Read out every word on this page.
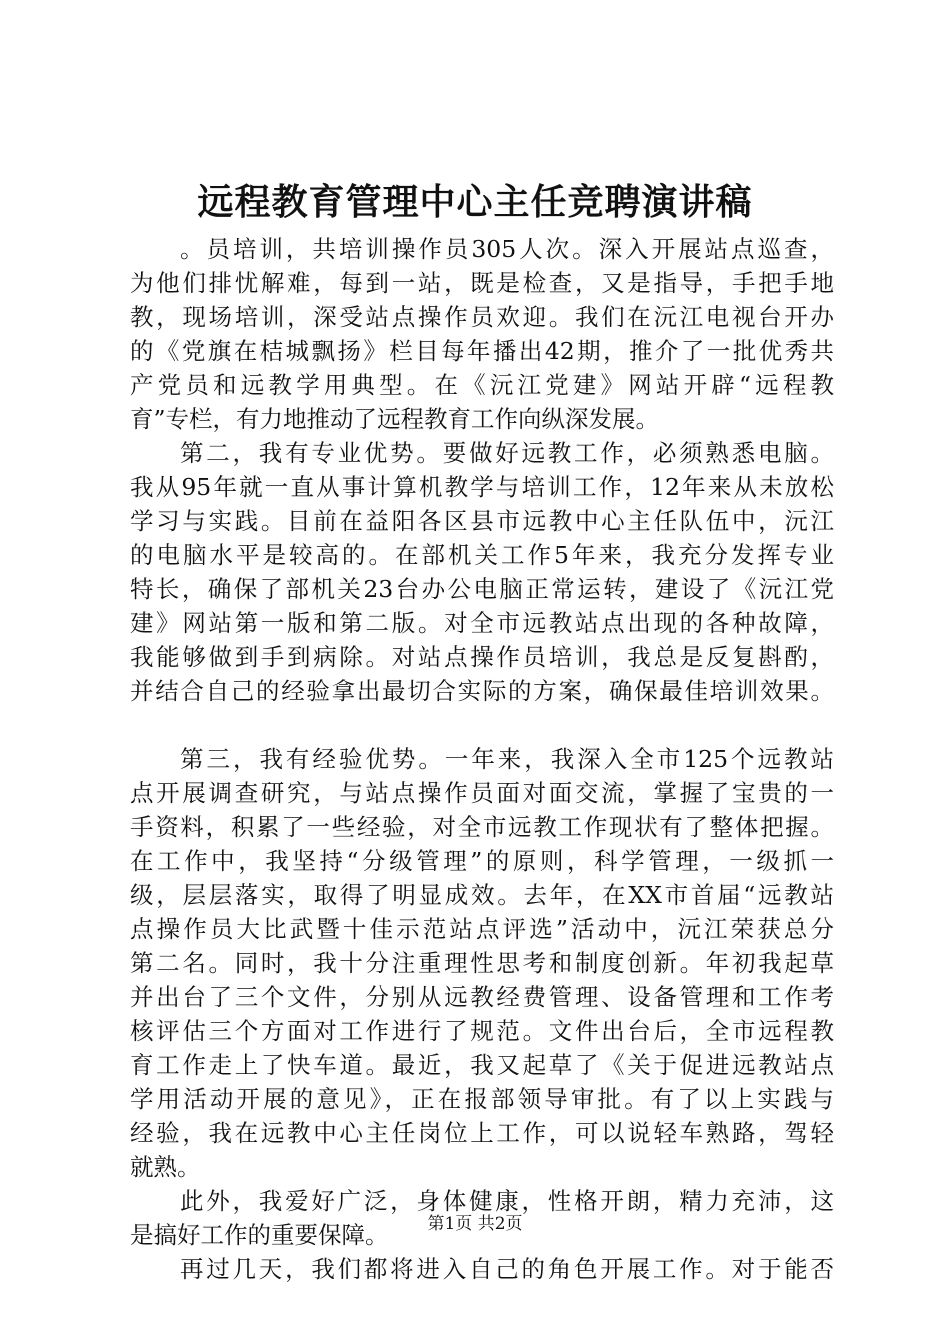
远程教育管理中心主任竞聘演讲稿
。员培训，共培训操作员305人次。深入开展站点巡查，
为他们排忧解难，每到一站，既是检查，又是指导，手把手地
教，现场培训，深受站点操作员欢迎。我们在沅江电视台开办
的《党旗在桔城飘扬》栏目每年播出42期，推介了一批优秀共
产党员和远教学用典型。在《沅江党建》网站开辟“远程教
育”专栏，有力地推动了远程教育工作向纵深发展。
第二，我有专业优势。要做好远教工作，必须熟悉电脑。
我从95年就一直从事计算机教学与培训工作，12年来从未放松
学习与实践。目前在益阳各区县市远教中心主任队伍中，沅江
的电脑水平是较高的。在部机关工作5年来，我充分发挥专业
特长，确保了部机关23台办公电脑正常运转，建设了《沅江党
建》网站第一版和第二版。对全市远教站点出现的各种故障，
我能够做到手到病除。对站点操作员培训，我总是反复斟酌，
并结合自己的经验拿出最切合实际的方案，确保最佳培训效果。
第三，我有经验优势。一年来，我深入全市125个远教站
点开展调查研究，与站点操作员面对面交流，掌握了宝贵的一
手资料，积累了一些经验，对全市远教工作现状有了整体把握。
在工作中，我坚持“分级管理”的原则，科学管理，一级抓一
级，层层落实，取得了明显成效。去年，在XX市首届“远教站
点操作员大比武暨十佳示范站点评选”活动中，沅江荣获总分
第二名。同时，我十分注重理性思考和制度创新。年初我起草
并出台了三个文件，分别从远教经费管理、设备管理和工作考
核评估三个方面对工作进行了规范。文件出台后，全市远程教
育工作走上了快车道。最近，我又起草了《关于促进远教站点
学用活动开展的意见》，正在报部领导审批。有了以上实践与
经验，我在远教中心主任岗位上工作，可以说轻车熟路，驾轻
就熟。
此外，我爱好广泛，身体健康，性格开朗，精力充沛，这
是搞好工作的重要保障。
再过几天，我们都将进入自己的角色开展工作。对于能否
第1页 共2页
